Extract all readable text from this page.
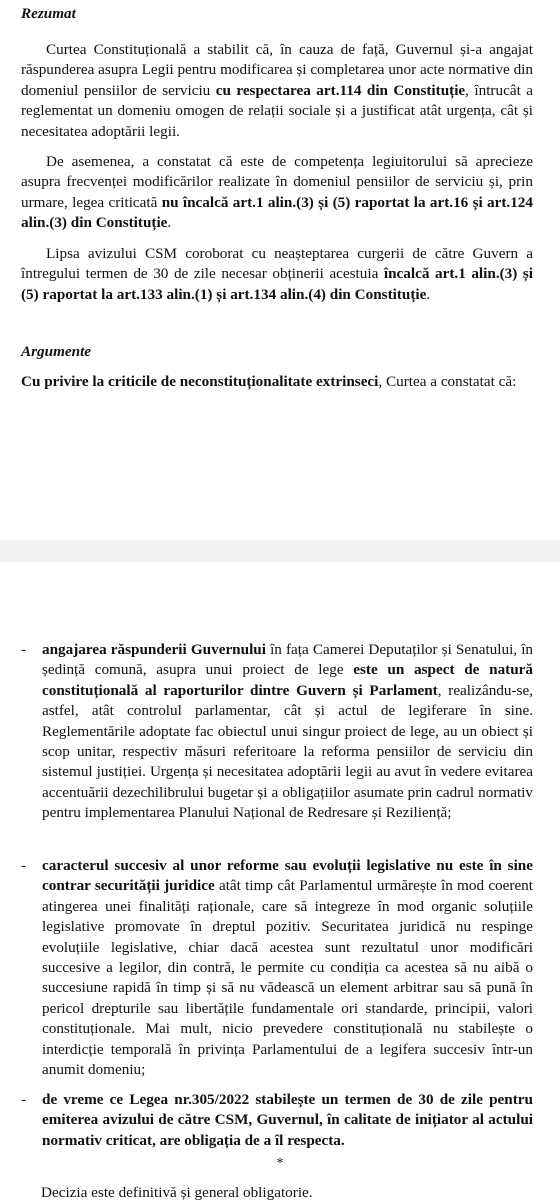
Rezumat

Curtea Constituțională a stabilit că, în cauza de față, Guvernul și-a angajat răspunderea asupra Legii pentru modificarea și completarea unor acte normative din domeniul pensiilor de serviciu cu respectarea art.114 din Constituție, întrucât a reglementat un domeniu omogen de relații sociale și a justificat atât urgența, cât și necesitatea adoptării legii.

De asemenea, a constatat că este de competența legiuitorului să aprecieze asupra frecvenței modificărilor realizate în domeniul pensiilor de serviciu și, prin urmare, legea criticată nu încalcă art.1 alin.(3) și (5) raportat la art.16 și art.124 alin.(3) din Constituție.

Lipsa avizului CSM coroborat cu neașteptarea curgerii de către Guvern a întregului termen de 30 de zile necesar obținerii acestuia încalcă art.1 alin.(3) și (5) raportat la art.133 alin.(1) și art.134 alin.(4) din Constituție.

Argumente

Cu privire la criticile de neconstituționalitate extrinseci, Curtea a constatat că:

- angajarea răspunderii Guvernului în fața Camerei Deputaților și Senatului, în ședință comună, asupra unui proiect de lege este un aspect de natură constituțională al raporturilor dintre Guvern și Parlament, realizându-se, astfel, atât controlul parlamentar, cât și actul de legiferare în sine. Reglementările adoptate fac obiectul unui singur proiect de lege, au un obiect și scop unitar, respectiv măsuri referitoare la reforma pensiilor de serviciu din sistemul justiției. Urgența și necesitatea adoptării legii au avut în vedere evitarea accentuării dezechilibrului bugetar și a obligațiilor asumate prin cadrul normativ pentru implementarea Planului Național de Redresare și Reziliență;
- caracterul succesiv al unor reforme sau evoluții legislative nu este în sine contrar securității juridice atât timp cât Parlamentul urmărește în mod coerent atingerea unei finalități raționale, care să integreze în mod organic soluțiile legislative promovate în dreptul pozitiv. Securitatea juridică nu respinge evoluțiile legislative, chiar dacă acestea sunt rezultatul unor modificări succesive a legilor, din contră, le permite cu condiția ca acestea să nu aibă o succesiune rapidă în timp și să nu vădească un element arbitrar sau să pună în pericol drepturile sau libertățile fundamentale ori standarde, principii, valori constituționale. Mai mult, nicio prevedere constituțională nu stabilește o interdicție temporală în privința Parlamentului de a legifera succesiv într-un anumit domeniu;
- de vreme ce Legea nr.305/2022 stabilește un termen de 30 de zile pentru emiterea avizului de către CSM, Guvernul, în calitate de inițiator al actului normativ criticat, are obligația de a îl respecta.
*
Decizia este definitivă și general obligatorie.
